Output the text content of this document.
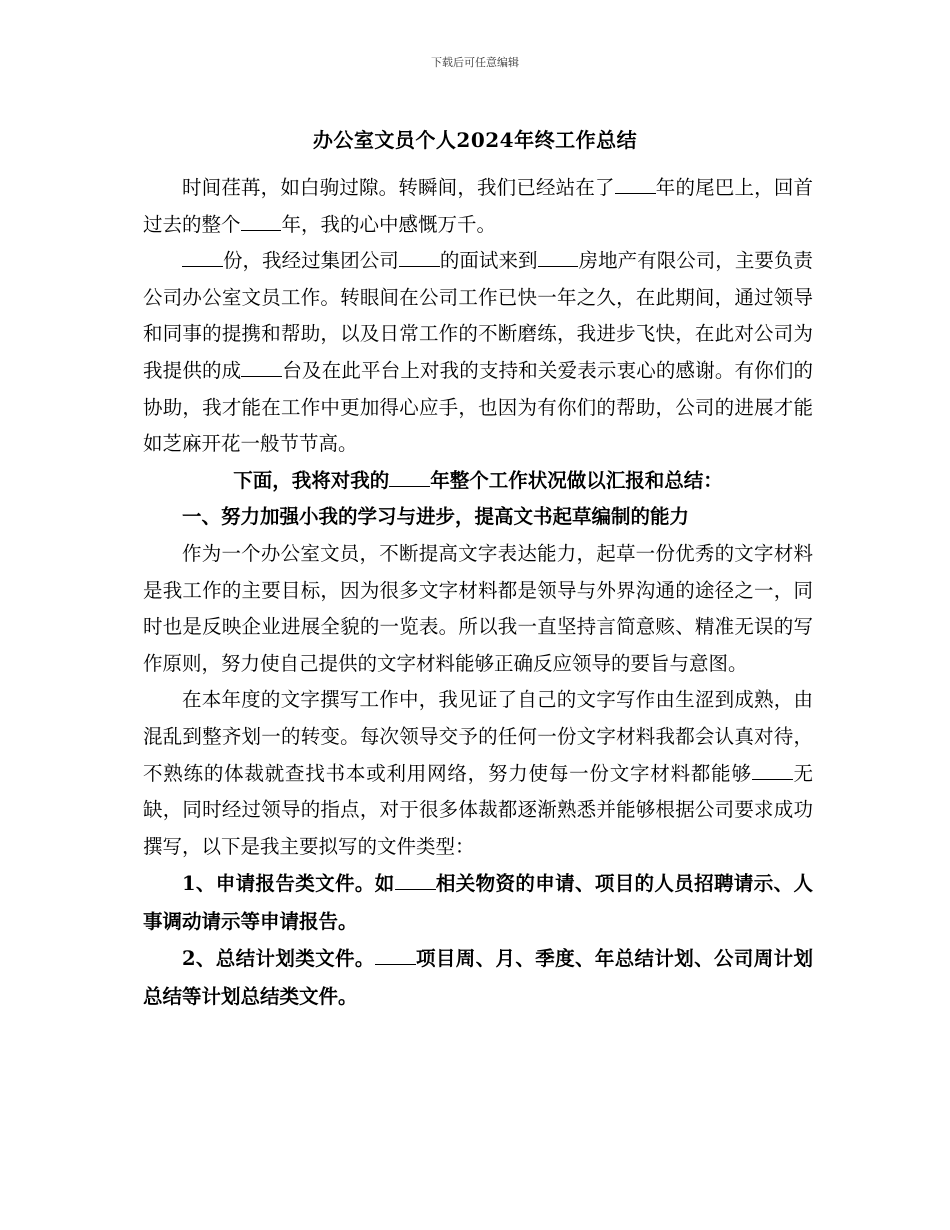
下载后可任意编辑
办公室文员个人2024年终工作总结

时间荏苒，如白驹过隙。转瞬间，我们已经站在了 年的尾巴上，回首过去的整个 年，我的心中感慨万千。

份，我经过集团公司 的面试来到 房地产有限公司，主要负责公司办公室文员工作。转眼间在公司工作已快一年之久，在此期间，通过领导和同事的提携和帮助，以及日常工作的不断磨练，我进步飞快，在此对公司为我提供的成 台及在此平台上对我的支持和关爱表示衷心的感谢。有你们的协助，我才能在工作中更加得心应手，也因为有你们的帮助，公司的进展才能如芝麻开花一般节节高。

下面，我将对我的 年整个工作状况做以汇报和总结：

一、努力加强小我的学习与进步，提高文书起草编制的能力

作为一个办公室文员，不断提高文字表达能力，起草一份优秀的文字材料是我工作的主要目标，因为很多文字材料都是领导与外界沟通的途径之一，同时也是反映企业进展全貌的一览表。所以我一直坚持言简意赅、精准无误的写作原则，努力使自己提供的文字材料能够正确反应领导的要旨与意图。

在本年度的文字撰写工作中，我见证了自己的文字写作由生涩到成熟，由混乱到整齐划一的转变。每次领导交予的任何一份文字材料我都会认真对待，不熟练的体裁就查找书本或利用网络，努力使每一份文字材料都能够 无缺，同时经过领导的指点，对于很多体裁都逐渐熟悉并能够根据公司要求成功撰写，以下是我主要拟写的文件类型：

1、申请报告类文件。如 相关物资的申请、项目的人员招聘请示、人事调动请示等申请报告。

2、总结计划类文件。 项目周、月、季度、年总结计划、公司周计划总结等计划总结类文件。
